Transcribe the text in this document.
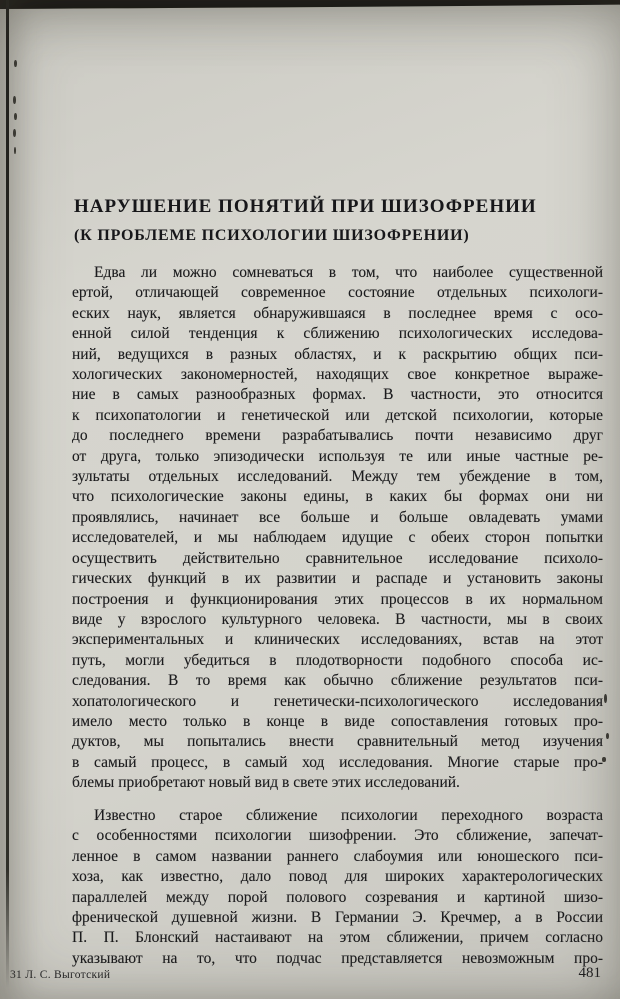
НАРУШЕНИЕ ПОНЯТИЙ ПРИ ШИЗОФРЕНИИ
(К ПРОБЛЕМЕ ПСИХОЛОГИИ ШИЗОФРЕНИИ)
Едва ли можно сомневаться в том, что наиболее существенной
ертой, отличающей современное состояние отдельных психологи-
еских наук, является обнаружившаяся в последнее время с осо-
енной силой тенденция к сближению психологических исследова-
ний, ведущихся в разных областях, и к раскрытию общих пси-
хологических закономерностей, находящих свое конкретное выраже-
ние в самых разнообразных формах. В частности, это относится
к психопатологии и генетической или детской психологии, которые
до последнего времени разрабатывались почти независимо друг
от друга, только эпизодически используя те или иные частные ре-
зультаты отдельных исследований. Между тем убеждение в том,
что психологические законы едины, в каких бы формах они ни
проявлялись, начинает все больше и больше овладевать умами
исследователей, и мы наблюдаем идущие с обеих сторон попытки
осуществить действительно сравнительное исследование психоло-
гических функций в их развитии и распаде и установить законы
построения и функционирования этих процессов в их нормальном
виде у взрослого культурного человека. В частности, мы в своих
экспериментальных и клинических исследованиях, встав на этот
путь, могли убедиться в плодотворности подобного способа ис-
следования. В то время как обычно сближение результатов пси-
хопатологического и генетически-психологического исследования
имело место только в конце в виде сопоставления готовых про-
дуктов, мы попытались внести сравнительный метод изучения
в самый процесс, в самый ход исследования. Многие старые про-
блемы приобретают новый вид в свете этих исследований.
Известно старое сближение психологии переходного возраста
с особенностями психологии шизофрении. Это сближение, запечат-
ленное в самом названии раннего слабоумия или юношеского пси-
хоза, как известно, дало повод для широких характерологических
параллелей между порой полового созревания и картиной шизо-
френической душевной жизни. В Германии Э. Кречмер, а в России
П. П. Блонский настаивают на этом сближении, причем согласно
указывают на то, что подчас представляется невозможным про-
31 Л. С. Выготский	481
